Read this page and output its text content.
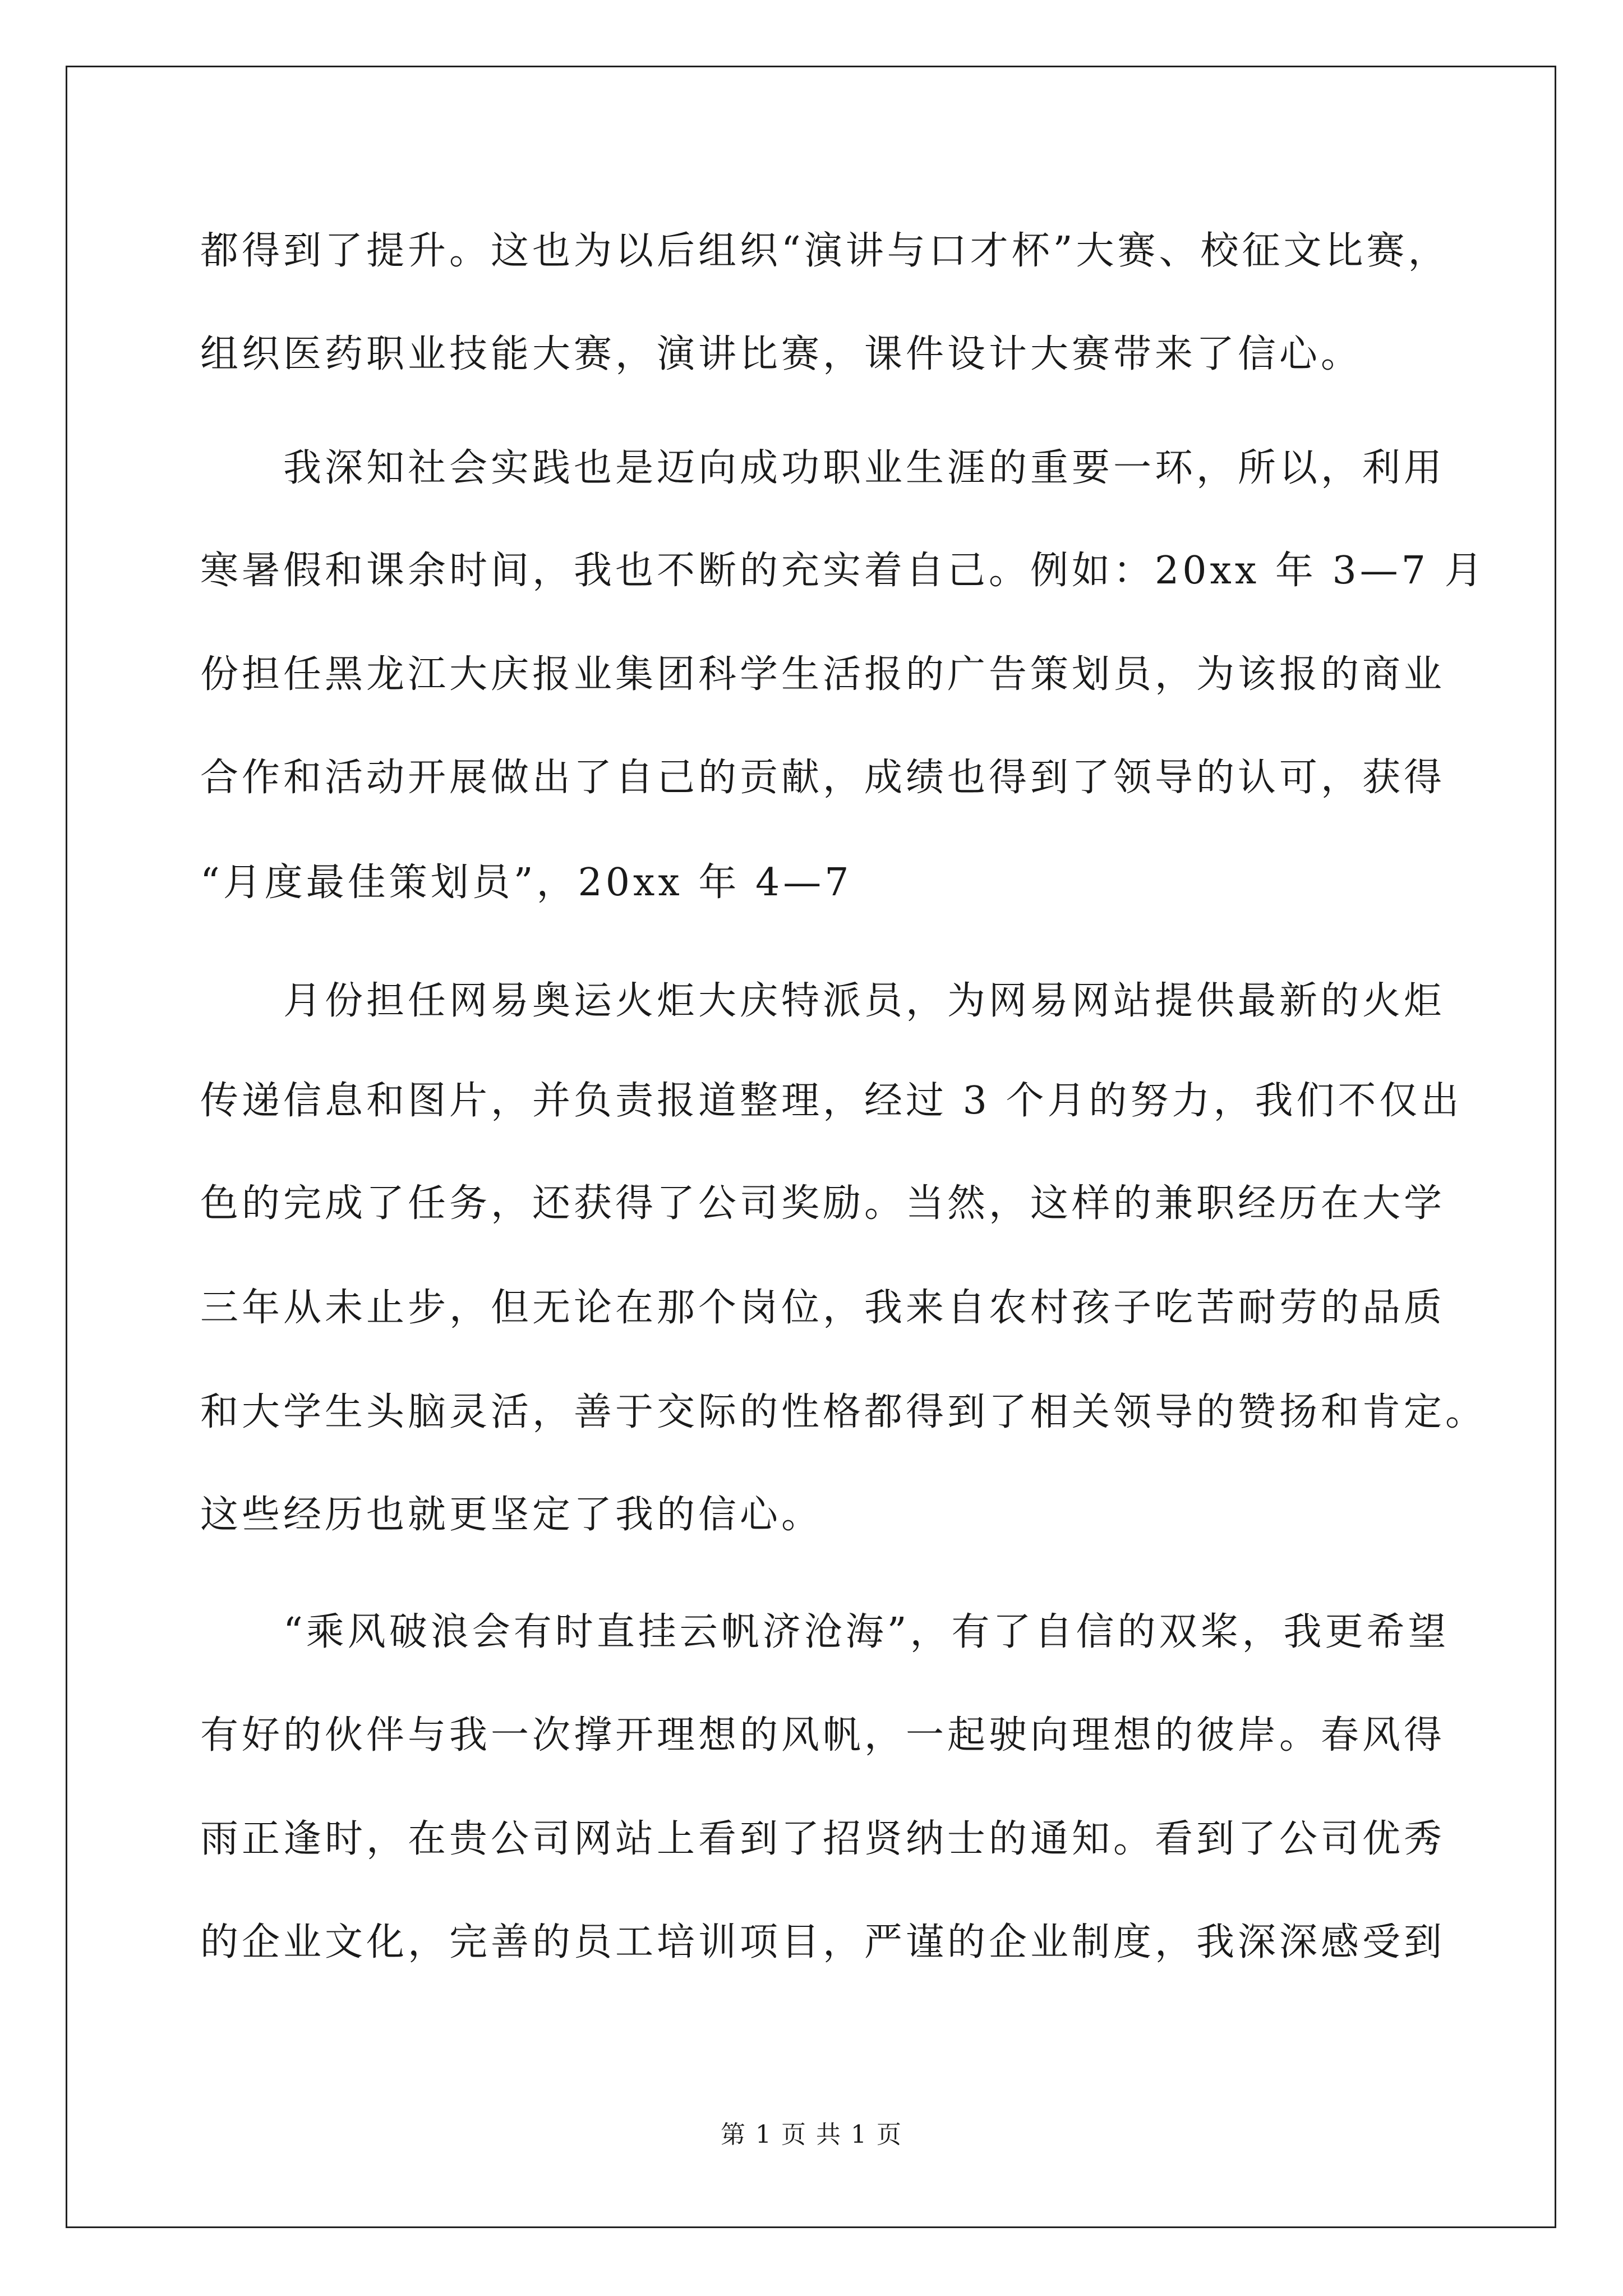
都得到了提升。这也为以后组织“演讲与口才杯”大赛、校征文比赛，
组织医药职业技能大赛，演讲比赛，课件设计大赛带来了信心。
我深知社会实践也是迈向成功职业生涯的重要一环，所以，利用
寒暑假和课余时间，我也不断的充实着自己。例如：20xx 年 3—7 月
份担任黑龙江大庆报业集团科学生活报的广告策划员，为该报的商业
合作和活动开展做出了自己的贡献，成绩也得到了领导的认可，获得
“月度最佳策划员”，20xx 年 4—7
月份担任网易奥运火炬大庆特派员，为网易网站提供最新的火炬
传递信息和图片，并负责报道整理，经过 3 个月的努力，我们不仅出
色的完成了任务，还获得了公司奖励。当然，这样的兼职经历在大学
三年从未止步，但无论在那个岗位，我来自农村孩子吃苦耐劳的品质
和大学生头脑灵活，善于交际的性格都得到了相关领导的赞扬和肯定。
这些经历也就更坚定了我的信心。
“乘风破浪会有时直挂云帆济沧海”，有了自信的双桨，我更希望
有好的伙伴与我一次撑开理想的风帆，一起驶向理想的彼岸。春风得
雨正逢时，在贵公司网站上看到了招贤纳士的通知。看到了公司优秀
的企业文化，完善的员工培训项目，严谨的企业制度，我深深感受到
第 1 页 共 1 页
